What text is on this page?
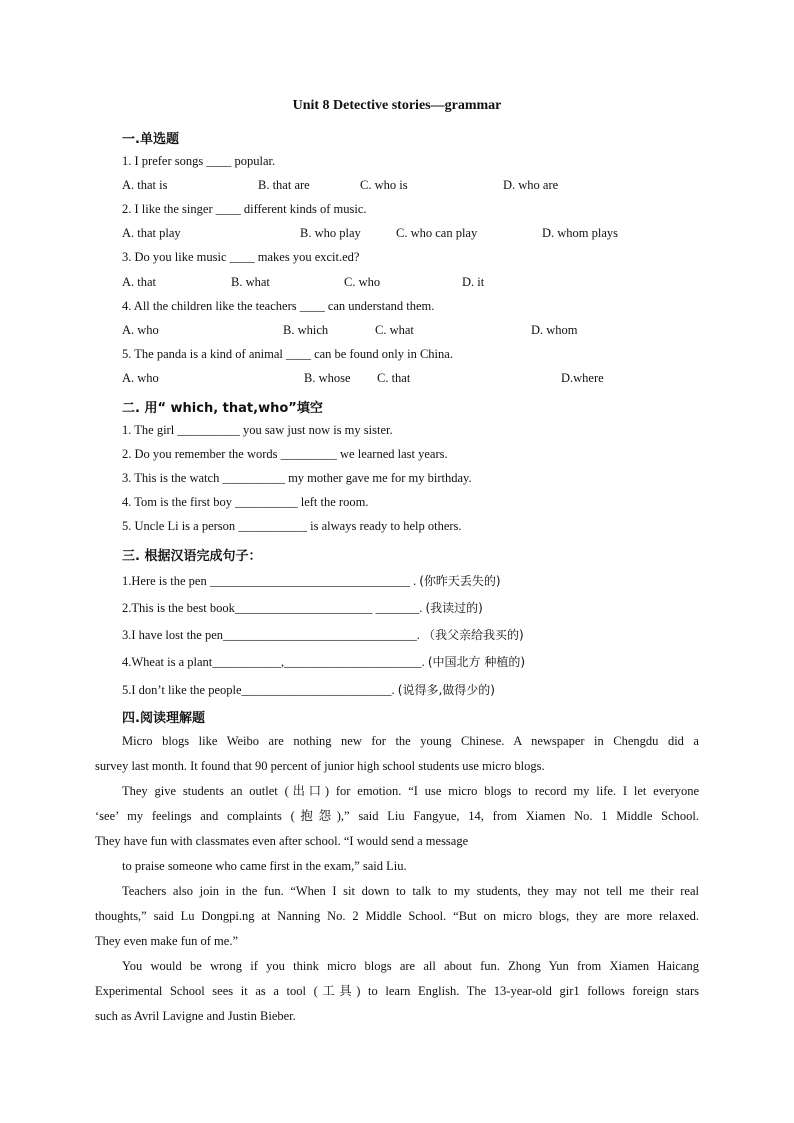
Unit 8 Detective stories—grammar
一.单选题
1. I prefer songs ____ popular.
A. that is	B. that are	C. who is	D. who are
2. I like the singer ____ different kinds of music.
A. that play	B. who play	C. who can play	D. whom plays
3. Do you like music ____ makes you excit.ed?
A. that	B. what	C. who	D. it
4. All the children like the teachers ____ can understand them.
A. who	B. which	C. what	D. whom
5. The panda is a kind of animal ____ can be found only in China.
A. who	B. whose C. that	D.where
二. 用“ which, that,who”填空
1. The girl __________ you saw just now is my sister.
2. Do you remember the words _________ we learned last years.
3. This is the watch __________ my mother gave me for my birthday.
4. Tom is the first boy __________ left the room.
5. Uncle Li is a person ___________ is always ready to help others.
三. 根据汉语完成句子：
1.Here is the pen ________________________________ . (你昨天丢失的)
2.This is the best book______________________ _______. (我读过的)
3.I have lost the pen_______________________________. （我父亲给我买的)
4.Wheat is a plant___________,______________________. (中国北方 种植的)
5.I don’t like the people________________________. (说得多,做得少的)
四.阅读理解题
Micro blogs like Weibo are nothing new for the young Chinese. A newspaper in Chengdu did a
survey last month. It found that 90 percent of junior high school students use micro blogs.
They give students an outlet (出口) for emotion. “I use micro blogs to record my life. I let everyone
‘see’ my feelings and complaints (抱怨),” said Liu Fangyue, 14, from Xiamen No. 1 Middle School.
They have fun with classmates even after school. “I would send a message
to praise someone who came first in the exam,” said Liu.
Teachers also join in the fun. “When I sit down to talk to my students, they may not tell me their real
thoughts,” said Lu Dongpi.ng at Nanning No. 2 Middle School. “But on micro blogs, they are more relaxed.
They even make fun of me.”
You would be wrong if you think micro blogs are all about fun. Zhong Yun from Xiamen Haicang
Experimental School sees it as a tool (工具) to learn English. The 13-year-old gir1 follows foreign stars
such as Avril Lavigne and Justin Bieber.
